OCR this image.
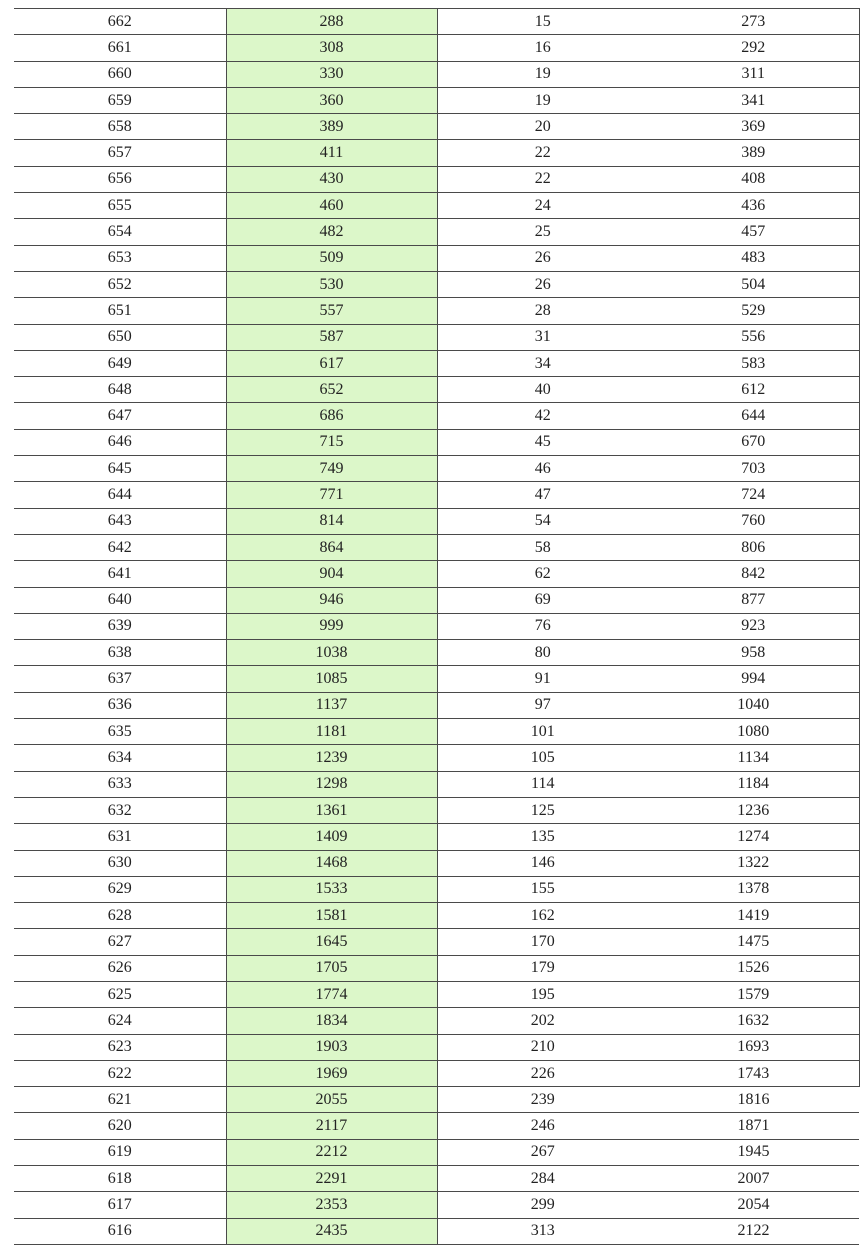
662	288	15	273
661	308	16	292
660	330	19	311
659	360	19	341
658	389	20	369
657	411	22	389
656	430	22	408
655	460	24	436
654	482	25	457
653	509	26	483
652	530	26	504
651	557	28	529
650	587	31	556
649	617	34	583
648	652	40	612
647	686	42	644
646	715	45	670
645	749	46	703
644	771	47	724
643	814	54	760
642	864	58	806
641	904	62	842
640	946	69	877
639	999	76	923
638	1038	80	958
637	1085	91	994
636	1137	97	1040
635	1181	101	1080
634	1239	105	1134
633	1298	114	1184
632	1361	125	1236
631	1409	135	1274
630	1468	146	1322
629	1533	155	1378
628	1581	162	1419
627	1645	170	1475
626	1705	179	1526
625	1774	195	1579
624	1834	202	1632
623	1903	210	1693
622	1969	226	1743
621	2055	239	1816
620	2117	246	1871
619	2212	267	1945
618	2291	284	2007
617	2353	299	2054
616	2435	313	2122
